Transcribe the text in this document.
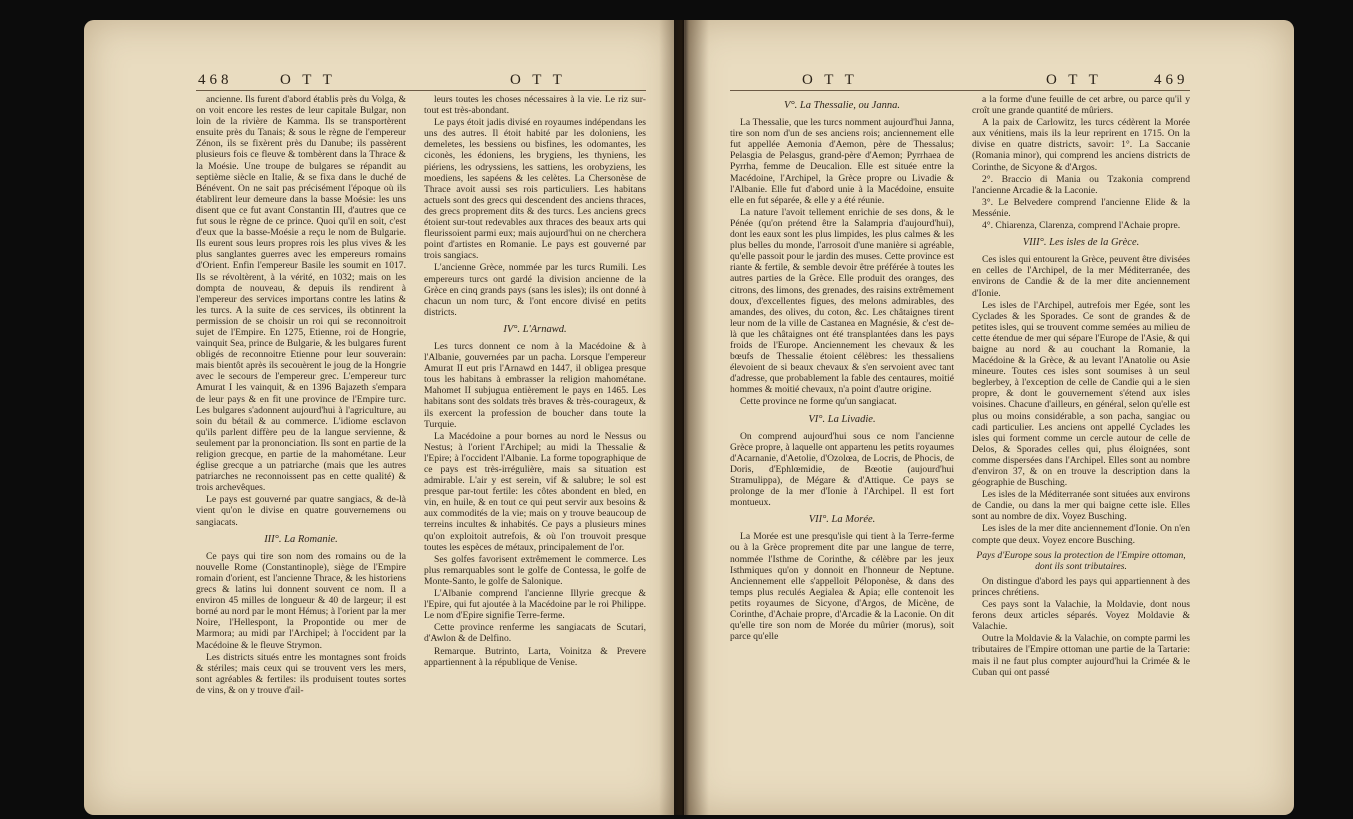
468	O T T	O T T

ancienne. Ils furent d'abord établis près du Volga, & on voit encore les restes de leur capitale Bulgar, non loin de la rivière de Kamma. Ils se transportèrent ensuite près du Tanais; & sous le règne de l'empereur Zénon, ils se fixèrent près du Danube; ils passèrent plusieurs fois ce fleuve & tombèrent dans la Thrace & la Moésie. Une troupe de bulgares se répandit au septième siècle en Italie, & se fixa dans le duché de Bénévent. On ne sait pas précisément l'époque où ils établirent leur demeure dans la basse Moésie: les uns disent que ce fut avant Constantin III, d'autres que ce fut sous le règne de ce prince. Quoi qu'il en soit, c'est d'eux que la basse-Moésie a reçu le nom de Bulgarie. Ils eurent sous leurs propres rois les plus vives & les plus sanglantes guerres avec les empereurs romains d'Orient. Enfin l'empereur Basile les soumit en 1017. Ils se révoltèrent, à la vérité, en 1032; mais on les dompta de nouveau, & depuis ils rendirent à l'empereur des services importans contre les latins & les turcs. A la suite de ces services, ils obtinrent la permission de se choisir un roi qui se reconnoitroit sujet de l'Empire. En 1275, Etienne, roi de Hongrie, vainquit Sea, prince de Bulgarie, & les bulgares furent obligés de reconnoitre Etienne pour leur souverain: mais bientôt après ils secouèrent le joug de la Hongrie avec le secours de l'empereur grec. L'empereur turc Amurat I les vainquit, & en 1396 Bajazeth s'empara de leur pays & en fit une province de l'Empire turc. Les bulgares s'adonnent aujourd'hui à l'agriculture, au soin du bétail & au commerce. L'idiome esclavon qu'ils parlent diffère peu de la langue servienne, & seulement par la prononciation. Ils sont en partie de la religion grecque, en partie de la mahométane. Leur église grecque a un patriarche (mais que les autres patriarches ne reconnoissent pas en cette qualité) & trois archevêques.

Le pays est gouverné par quatre sangiacs, & de-là vient qu'on le divise en quatre gouvernemens ou sangiacats.

III°. La Romanie.

Ce pays qui tire son nom des romains ou de la nouvelle Rome (Constantinople), siège de l'Empire romain d'orient, est l'ancienne Thrace, & les historiens grecs & latins lui donnent souvent ce nom. Il a environ 45 milles de longueur & 40 de largeur; il est borné au nord par le mont Hémus; à l'orient par la mer Noire, l'Hellespont, la Propontide ou mer de Marmora; au midi par l'Archipel; à l'occident par la Macédoine & le fleuve Strymon.

Les districts situés entre les montagnes sont froids & stériles; mais ceux qui se trouvent vers les mers, sont agréables & fertiles: ils produisent toutes sortes de vins, & on y trouve d'ail-

leurs toutes les choses nécessaires à la vie. Le riz sur-tout est très-abondant.

Le pays étoit jadis divisé en royaumes indépendans les uns des autres. Il étoit habité par les doloniens, les demeletes, les bessiens ou bisfines, les odomantes, les ciconès, les édoniens, les brygiens, les thyniens, les piériens, les odryssiens, les sattiens, les orobyziens, les moediens, les sapéens & les celètes. La Chersonèse de Thrace avoit aussi ses rois particuliers. Les habitans actuels sont des grecs qui descendent des anciens thraces, des grecs proprement dits & des turcs. Les anciens grecs étoient sur-tout redevables aux thraces des beaux arts qui fleurissoient parmi eux; mais aujourd'hui on ne cherchera point d'artistes en Romanie. Le pays est gouverné par trois sangiacs.

L'ancienne Grèce, nommée par les turcs Rumili. Les empereurs turcs ont gardé la division ancienne de la Grèce en cinq grands pays (sans les isles); ils ont donné à chacun un nom turc, & l'ont encore divisé en petits districts.

IV°. L'Arnawd.

Les turcs donnent ce nom à la Macédoine & à l'Albanie, gouvernées par un pacha. Lorsque l'empereur Amurat II eut pris l'Arnawd en 1447, il obligea presque tous les habitans à embrasser la religion mahométane. Mahomet II subjugua entièrement le pays en 1465. Les habitans sont des soldats très braves & très-courageux, & ils exercent la profession de boucher dans toute la Turquie.

La Macédoine a pour bornes au nord le Nessus ou Nestus; à l'orient l'Archipel; au midi la Thessalie & l'Epire; à l'occident l'Albanie. La forme topographique de ce pays est très-irrégulière, mais sa situation est admirable. L'air y est serein, vif & salubre; le sol est presque par-tout fertile: les côtes abondent en bled, en vin, en huile, & en tout ce qui peut servir aux besoins & aux commodités de la vie; mais on y trouve beaucoup de terreins incultes & inhabités. Ce pays a plusieurs mines qu'on exploitoit autrefois, & où l'on trouvoit presque toutes les espèces de métaux, principalement de l'or.

Ses golfes favorisent extrêmement le commerce. Les plus remarquables sont le golfe de Contessa, le golfe de Monte-Santo, le golfe de Salonique.

L'Albanie comprend l'ancienne Illyrie grecque & l'Epire, qui fut ajoutée à la Macédoine par le roi Philippe. Le nom d'Epire signifie Terre-ferme.

Cette province renferme les sangiacats de Scutari, d'Awlon & de Delfino.

Remarque. Butrinto, Larta, Voinitza & Prevere appartiennent à la république de Venise.

O T T	O T T	469
V°. La Thessalie, ou Janna.

La Thessalie, que les turcs nomment aujourd'hui Janna, tire son nom d'un de ses anciens rois; anciennement elle fut appellée Aemonia d'Aemon, père de Thessalus; Pelasgia de Pelasgus, grand-père d'Aemon; Pyrrhaea de Pyrrha, femme de Deucalion. Elle est située entre la Macédoine, l'Archipel, la Grèce propre ou Livadie & l'Albanie. Elle fut d'abord unie à la Macédoine, ensuite elle en fut séparée, & elle y a été réunie.

La nature l'avoit tellement enrichie de ses dons, & le Pénée (qu'on prétend être la Salampria d'aujourd'hui), dont les eaux sont les plus limpides, les plus calmes & les plus belles du monde, l'arrosoit d'une manière si agréable, qu'elle passoit pour le jardin des muses. Cette province est riante & fertile, & semble devoir être préférée à toutes les autres parties de la Grèce. Elle produit des oranges, des citrons, des limons, des grenades, des raisins extrêmement doux, d'excellentes figues, des melons admirables, des amandes, des olives, du coton, &c. Les châtaignes tirent leur nom de la ville de Castanea en Magnésie, & c'est de-là que les châtaignes ont été transplantées dans les pays froids de l'Europe. Anciennement les chevaux & les bœufs de Thessalie étoient célèbres: les thessaliens élevoient de si beaux chevaux & s'en servoient avec tant d'adresse, que probablement la fable des centaures, moitié hommes & moitié chevaux, n'a point d'autre origine.

Cette province ne forme qu'un sangiacat.

VI°. La Livadie.

On comprend aujourd'hui sous ce nom l'ancienne Grèce propre, à laquelle ont appartenu les petits royaumes d'Acarnanie, d'Aetolie, d'Ozolœa, de Locris, de Phocis, de Doris, d'Ephlœmidie, de Bœotie (aujourd'hui Stramulippa), de Mégare & d'Attique. Ce pays se prolonge de la mer d'Ionie à l'Archipel. Il est fort montueux.

VII°. La Morée.

La Morée est une presqu'isle qui tient à la Terre-ferme ou à la Grèce proprement dite par une langue de terre, nommée l'Isthme de Corinthe, & célèbre par les jeux Isthmiques qu'on y donnoit en l'honneur de Neptune. Anciennement elle s'appelloit Péloponèse, & dans des temps plus reculés Aegialea & Apia; elle contenoit les petits royaumes de Sicyone, d'Argos, de Micène, de Corinthe, d'Achaie propre, d'Arcadie & la Laconie. On dit qu'elle tire son nom de Morée du mûrier (morus), soit parce qu'elle

a la forme d'une feuille de cet arbre, ou parce qu'il y croît une grande quantité de mûriers.

A la paix de Carlowitz, les turcs cédèrent la Morée aux vénitiens, mais ils la leur reprirent en 1715. On la divise en quatre districts, savoir: 1°. La Saccanie (Romania minor), qui comprend les anciens districts de Corinthe, de Sicyone & d'Argos.

2°. Braccio di Mania ou Tzakonia comprend l'ancienne Arcadie & la Laconie.

3°. Le Belvedere comprend l'ancienne Elide & la Messénie.

4°. Chiarenza, Clarenza, comprend l'Achaie propre.

VIII°. Les isles de la Grèce.

Ces isles qui entourent la Grèce, peuvent être divisées en celles de l'Archipel, de la mer Méditerranée, des environs de Candie & de la mer dite anciennement d'Ionie.

Les isles de l'Archipel, autrefois mer Egée, sont les Cyclades & les Sporades. Ce sont de grandes & de petites isles, qui se trouvent comme semées au milieu de cette étendue de mer qui sépare l'Europe de l'Asie, & qui baigne au nord & au couchant la Romanie, la Macédoine & la Grèce, & au levant l'Anatolie ou Asie mineure. Toutes ces isles sont soumises à un seul beglerbey, à l'exception de celle de Candie qui a le sien propre, & dont le gouvernement s'étend aux isles voisines. Chacune d'ailleurs, en général, selon qu'elle est plus ou moins considérable, a son pacha, sangiac ou cadi particulier. Les anciens ont appellé Cyclades les isles qui forment comme un cercle autour de celle de Delos, & Sporades celles qui, plus éloignées, sont comme dispersées dans l'Archipel. Elles sont au nombre d'environ 37, & on en trouve la description dans la géographie de Busching.

Les isles de la Méditerranée sont situées aux environs de Candie, ou dans la mer qui baigne cette isle. Elles sont au nombre de dix. Voyez Busching.

Les isles de la mer dite anciennement d'Ionie. On n'en compte que deux. Voyez encore Busching.

Pays d'Europe sous la protection de l'Empire ottoman, dont ils sont tributaires.

On distingue d'abord les pays qui appartiennent à des princes chrétiens.

Ces pays sont la Valachie, la Moldavie, dont nous ferons deux articles séparés. Voyez Moldavie & Valachie.

Outre la Moldavie & la Valachie, on compte parmi les tributaires de l'Empire ottoman une partie de la Tartarie: mais il ne faut plus compter aujourd'hui la Crimée & le Cuban qui ont passé
